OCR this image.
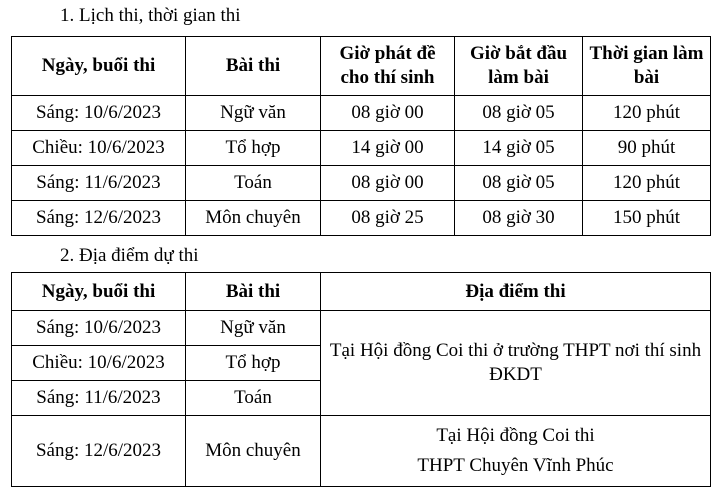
1. Lịch thi, thời gian thi
Ngày, buổi thi	Bài thi	Giờ phát đề cho thí sinh	Giờ bắt đầu làm bài	Thời gian làm bài
Sáng: 10/6/2023	Ngữ văn	08 giờ 00	08 giờ 05	120 phút
Chiều: 10/6/2023	Tổ hợp	14 giờ 00	14 giờ 05	90 phút
Sáng: 11/6/2023	Toán	08 giờ 00	08 giờ 05	120 phút
Sáng: 12/6/2023	Môn chuyên	08 giờ 25	08 giờ 30	150 phút
2. Địa điểm dự thi
Ngày, buổi thi	Bài thi	Địa điểm thi
Sáng: 10/6/2023	Ngữ văn	Tại Hội đồng Coi thi ở trường THPT nơi thí sinh ĐKDT
Chiều: 10/6/2023	Tổ hợp	
Sáng: 11/6/2023	Toán	
Sáng: 12/6/2023	Môn chuyên	Tại Hội đồng Coi thi
THPT Chuyên Vĩnh Phúc
